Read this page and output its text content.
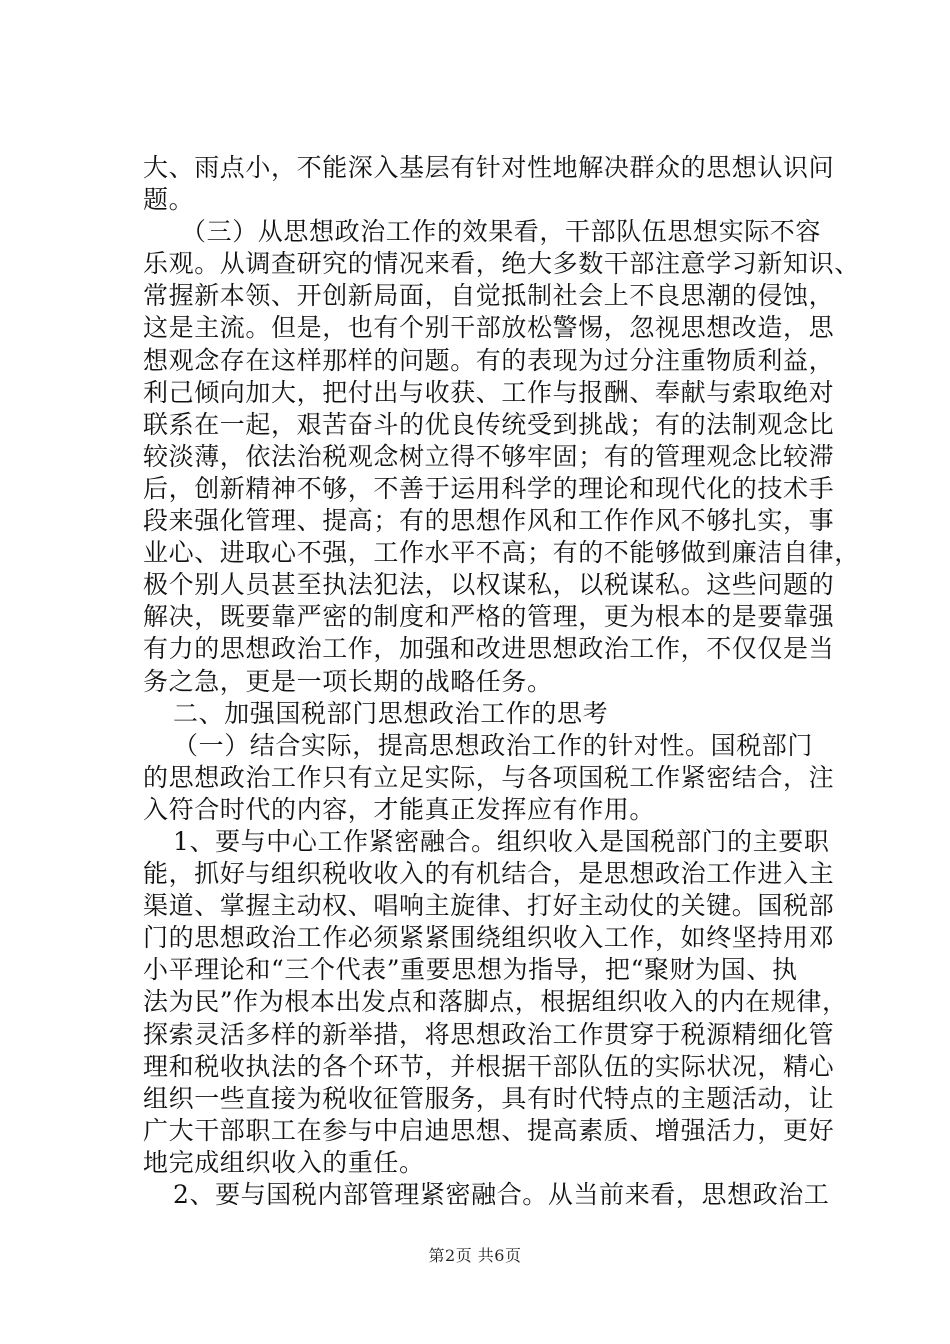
大、雨点小，不能深入基层有针对性地解决群众的思想认识问
题。
（三）从思想政治工作的效果看，干部队伍思想实际不容
乐观。从调查研究的情况来看，绝大多数干部注意学习新知识、
常握新本领、开创新局面，自觉抵制社会上不良思潮的侵蚀，
这是主流。但是，也有个别干部放松警惕，忽视思想改造，思
想观念存在这样那样的问题。有的表现为过分注重物质利益，
利己倾向加大，把付出与收获、工作与报酬、奉献与索取绝对
联系在一起，艰苦奋斗的优良传统受到挑战；有的法制观念比
较淡薄，依法治税观念树立得不够牢固；有的管理观念比较滞
后，创新精神不够，不善于运用科学的理论和现代化的技术手
段来强化管理、提高；有的思想作风和工作作风不够扎实，事
业心、进取心不强，工作水平不高；有的不能够做到廉洁自律，
极个别人员甚至执法犯法，以权谋私，以税谋私。这些问题的
解决，既要靠严密的制度和严格的管理，更为根本的是要靠强
有力的思想政治工作，加强和改进思想政治工作，不仅仅是当
务之急，更是一项长期的战略任务。
二、加强国税部门思想政治工作的思考
（一）结合实际，提高思想政治工作的针对性。国税部门
的思想政治工作只有立足实际，与各项国税工作紧密结合，注
入符合时代的内容，才能真正发挥应有作用。
1、要与中心工作紧密融合。组织收入是国税部门的主要职
能，抓好与组织税收收入的有机结合，是思想政治工作进入主
渠道、掌握主动权、唱响主旋律、打好主动仗的关键。国税部
门的思想政治工作必须紧紧围绕组织收入工作，如终坚持用邓
小平理论和“三个代表”重要思想为指导，把“聚财为国、执
法为民”作为根本出发点和落脚点，根据组织收入的内在规律，
探索灵活多样的新举措，将思想政治工作贯穿于税源精细化管
理和税收执法的各个环节，并根据干部队伍的实际状况，精心
组织一些直接为税收征管服务，具有时代特点的主题活动，让
广大干部职工在参与中启迪思想、提高素质、增强活力，更好
地完成组织收入的重任。
2、要与国税内部管理紧密融合。从当前来看，思想政治工
第2页 共6页
